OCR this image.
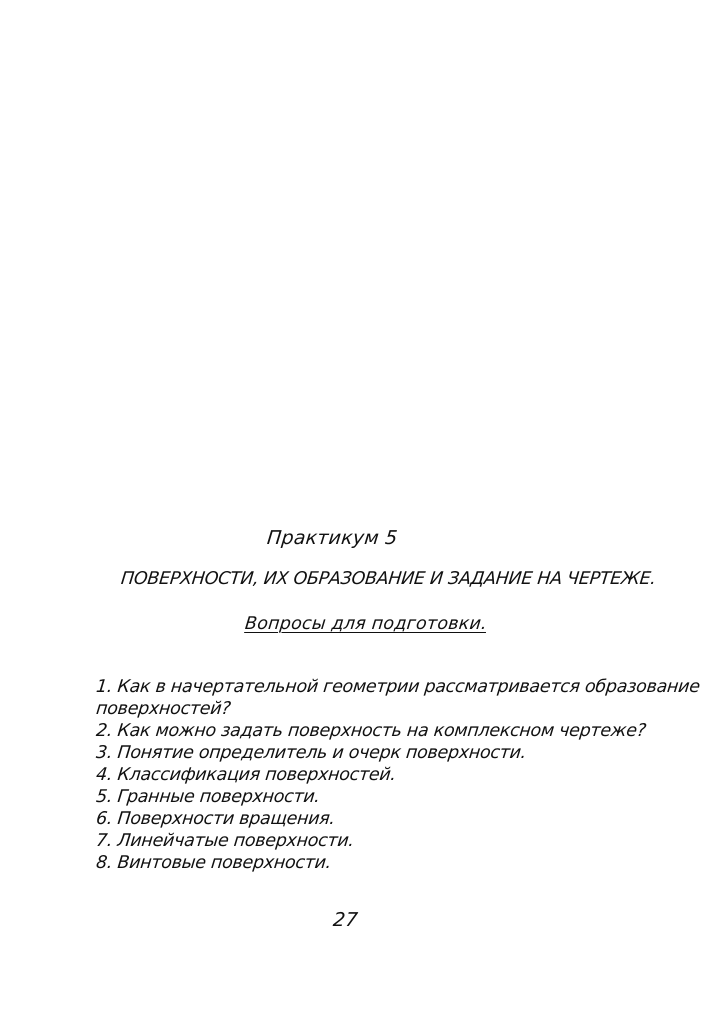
Практикум 5
ПОВЕРХНОСТИ, ИХ ОБРАЗОВАНИЕ И ЗАДАНИЕ НА ЧЕРТЕЖЕ.
Вопросы для подготовки.
1. Как в начертательной геометрии рассматривается образование
поверхностей?
2. Как можно задать поверхность на комплексном чертеже?
3. Понятие определитель и очерк поверхности.
4. Классификация поверхностей.
5. Гранные поверхности.
6. Поверхности вращения.
7. Линейчатые поверхности.
8. Винтовые поверхности.
27
